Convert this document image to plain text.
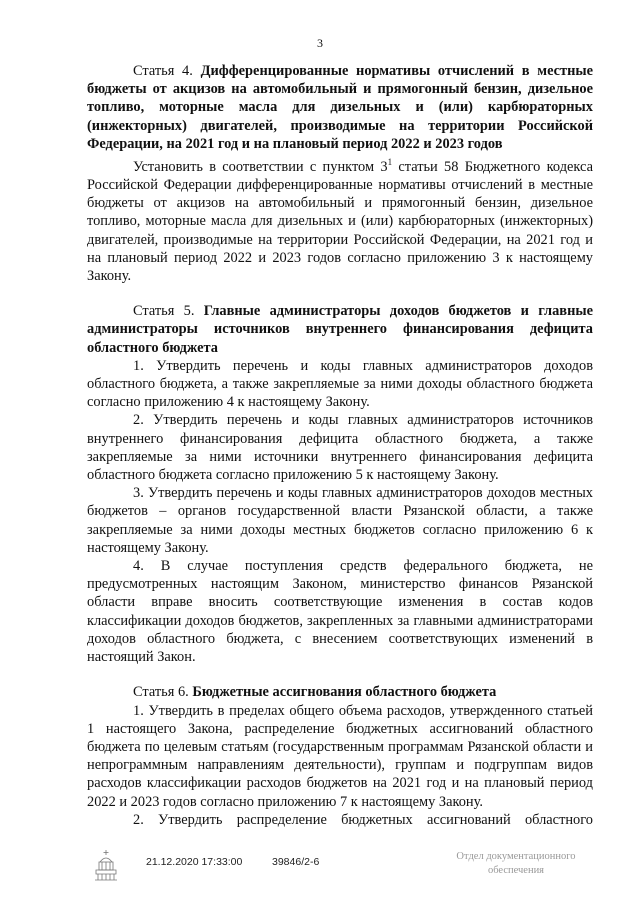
3

Статья 4. Дифференцированные нормативы отчислений в местные бюджеты от акцизов на автомобильный и прямогонный бензин, дизельное топливо, моторные масла для дизельных и (или) карбюраторных (инжекторных) двигателей, производимые на территории Российской Федерации, на 2021 год и на плановый период 2022 и 2023 годов

Установить в соответствии с пунктом $3^1$ статьи 58 Бюджетного кодекса Российской Федерации дифференцированные нормативы отчислений в местные бюджеты от акцизов на автомобильный и прямогонный бензин, дизельное топливо, моторные масла для дизельных и (или) карбюраторных (инжекторных) двигателей, производимые на территории Российской Федерации, на 2021 год и на плановый период 2022 и 2023 годов согласно приложению 3 к настоящему Закону.

Статья 5. Главные администраторы доходов бюджетов и главные администраторы источников внутреннего финансирования дефицита областного бюджета

1. Утвердить перечень и коды главных администраторов доходов областного бюджета, а также закрепляемые за ними доходы областного бюджета согласно приложению 4 к настоящему Закону.

2. Утвердить перечень и коды главных администраторов источников внутреннего финансирования дефицита областного бюджета, а также закрепляемые за ними источники внутреннего финансирования дефицита областного бюджета согласно приложению 5 к настоящему Закону.

3. Утвердить перечень и коды главных администраторов доходов местных бюджетов – органов государственной власти Рязанской области, а также закрепляемые за ними доходы местных бюджетов согласно приложению 6 к настоящему Закону.

4. В случае поступления средств федерального бюджета, не предусмотренных настоящим Законом, министерство финансов Рязанской области вправе вносить соответствующие изменения в состав кодов классификации доходов бюджетов, закрепленных за главными администраторами доходов областного бюджета, с внесением соответствующих изменений в настоящий Закон.

Статья 6. Бюджетные ассигнования областного бюджета

1. Утвердить в пределах общего объема расходов, утвержденного статьей 1 настоящего Закона, распределение бюджетных ассигнований областного бюджета по целевым статьям (государственным программам Рязанской области и непрограммным направлениям деятельности), группам и подгруппам видов расходов классификации расходов бюджетов на 2021 год и на плановый период 2022 и 2023 годов согласно приложению 7 к настоящему Закону.

2. Утвердить распределение бюджетных ассигнований областного

21.12.2020 17:33:00	39846/2-6	Отдел документационного
обеспечения
